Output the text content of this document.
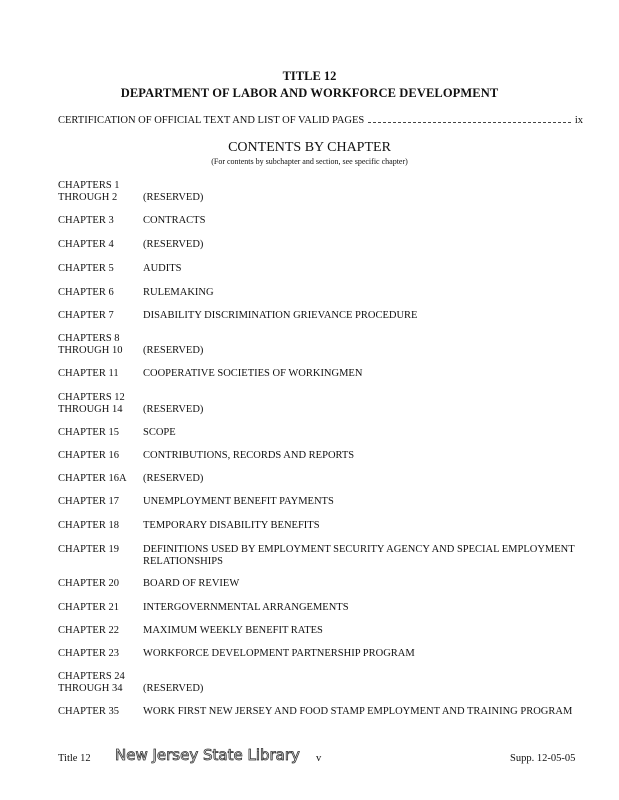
TITLE 12
DEPARTMENT OF LABOR AND WORKFORCE DEVELOPMENT
CERTIFICATION OF OFFICIAL TEXT AND LIST OF VALID PAGES	ix
CONTENTS BY CHAPTER
(For contents by subchapter and section, see specific chapter)
CHAPTERS 1
THROUGH 2 (RESERVED)
CHAPTER 3	CONTRACTS
CHAPTER 4	(RESERVED)
CHAPTER 5	AUDITS
CHAPTER 6	RULEMAKING
CHAPTER 7	DISABILITY DISCRIMINATION GRIEVANCE PROCEDURE
CHAPTERS 8
THROUGH 10 (RESERVED)
CHAPTER 11 COOPERATIVE SOCIETIES OF WORKINGMEN
CHAPTERS 12
THROUGH 14 (RESERVED)
CHAPTER 15 SCOPE
CHAPTER 16 CONTRIBUTIONS, RECORDS AND REPORTS
CHAPTER 16A (RESERVED)
CHAPTER 17 UNEMPLOYMENT BENEFIT PAYMENTS
CHAPTER 18 TEMPORARY DISABILITY BENEFITS
CHAPTER 19 DEFINITIONS USED BY EMPLOYMENT SECURITY AGENCY AND SPECIAL EMPLOYMENT
RELATIONSHIPS
CHAPTER 20 BOARD OF REVIEW
CHAPTER 21 INTERGOVERNMENTAL ARRANGEMENTS
CHAPTER 22 MAXIMUM WEEKLY BENEFIT RATES
CHAPTER 23 WORKFORCE DEVELOPMENT PARTNERSHIP PROGRAM
CHAPTERS 24
THROUGH 34 (RESERVED)
CHAPTER 35 WORK FIRST NEW JERSEY AND FOOD STAMP EMPLOYMENT AND TRAINING PROGRAM
Title 12 New Jersey State Library v	Supp. 12-05-05
